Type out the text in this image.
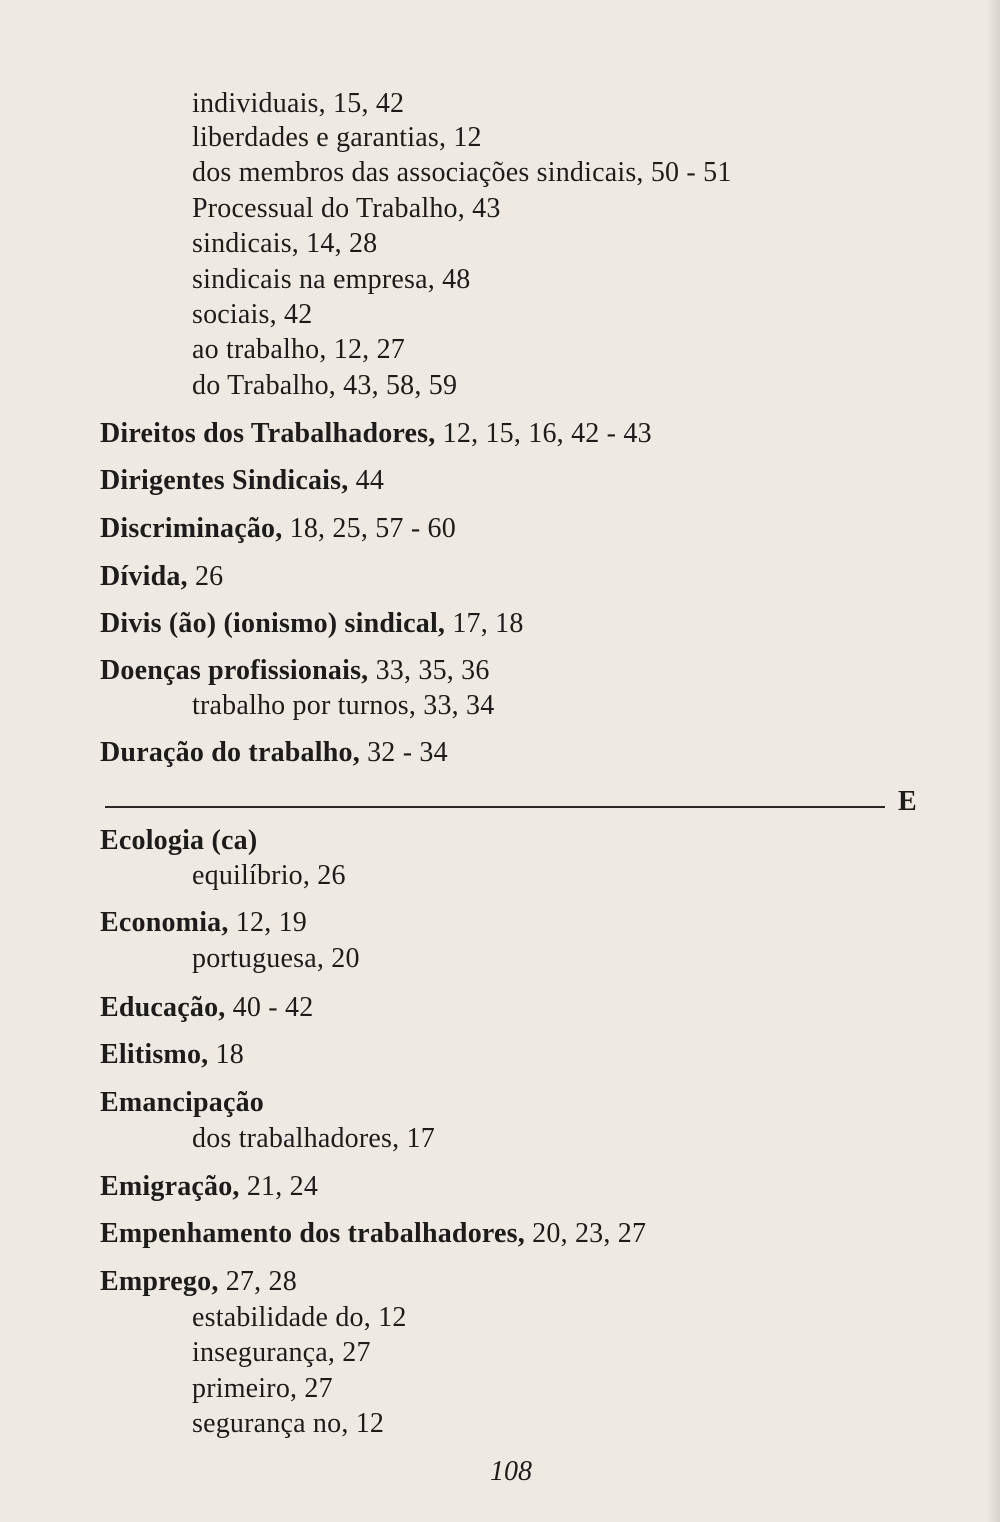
individuais, 15, 42
liberdades e garantias, 12
dos membros das associações sindicais, 50 - 51
Processual do Trabalho, 43
sindicais, 14, 28
sindicais na empresa, 48
sociais, 42
ao trabalho, 12, 27
do Trabalho, 43, 58, 59
Direitos dos Trabalhadores, 12, 15, 16, 42 - 43
Dirigentes Sindicais, 44
Discriminação, 18, 25, 57 - 60
Dívida, 26
Divis (ão) (ionismo) sindical, 17, 18
Doenças profissionais, 33, 35, 36
trabalho por turnos, 33, 34
Duração do trabalho, 32 - 34
E
Ecologia (ca)
equilíbrio, 26
Economia, 12, 19
portuguesa, 20
Educação, 40 - 42
Elitismo, 18
Emancipação
dos trabalhadores, 17
Emigração, 21, 24
Empenhamento dos trabalhadores, 20, 23, 27
Emprego, 27, 28
estabilidade do, 12
insegurança, 27
primeiro, 27
segurança no, 12
108
